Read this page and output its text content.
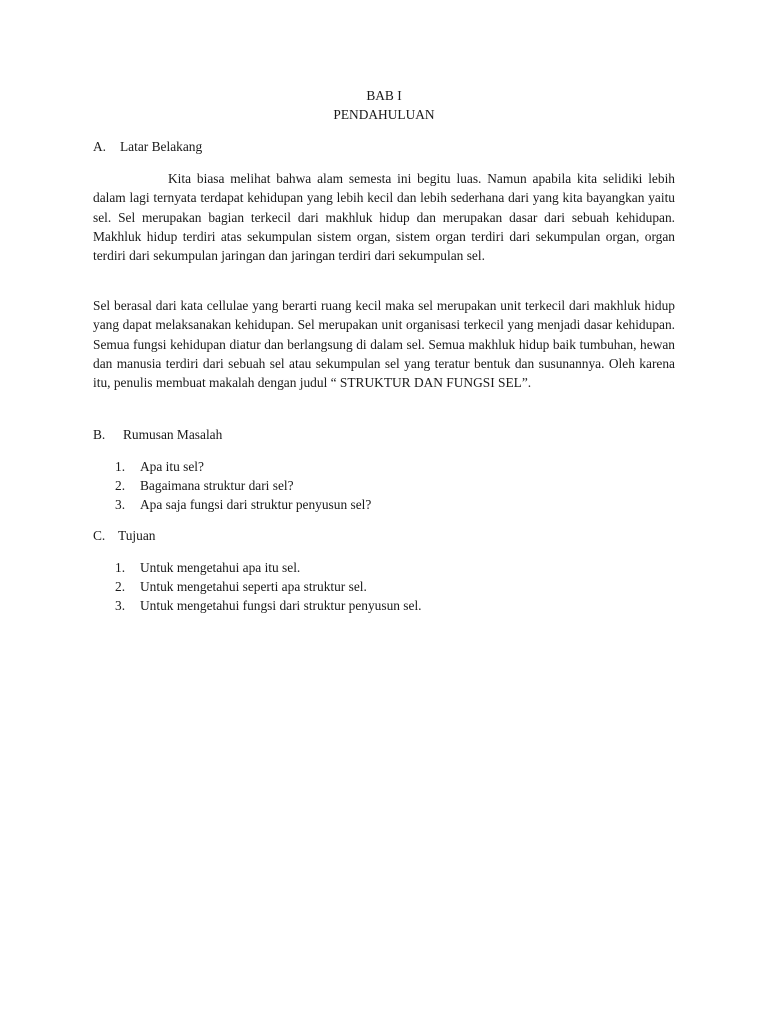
BAB I
PENDAHULUAN
A. Latar Belakang

Kita biasa melihat bahwa alam semesta ini begitu luas. Namun apabila kita selidiki lebih dalam lagi ternyata terdapat kehidupan yang lebih kecil dan lebih sederhana dari yang kita bayangkan yaitu sel. Sel merupakan bagian terkecil dari makhluk hidup dan merupakan dasar dari sebuah kehidupan. Makhluk hidup terdiri atas sekumpulan sistem organ, sistem organ terdiri dari sekumpulan organ, organ terdiri dari sekumpulan jaringan dan jaringan terdiri dari sekumpulan sel.

Sel berasal dari kata cellulae yang berarti ruang kecil maka sel merupakan unit terkecil dari makhluk hidup yang dapat melaksanakan kehidupan. Sel merupakan unit organisasi terkecil yang menjadi dasar kehidupan. Semua fungsi kehidupan diatur dan berlangsung di dalam sel. Semua makhluk hidup baik tumbuhan, hewan dan manusia terdiri dari sebuah sel atau sekumpulan sel yang teratur bentuk dan susunannya. Oleh karena itu, penulis membuat makalah dengan judul “ STRUKTUR DAN FUNGSI SEL”.

B. Rumusan Masalah
1. Apa itu sel?
2. Bagaimana struktur dari sel?
3. Apa saja fungsi dari struktur penyusun sel?
C. Tujuan
1. Untuk mengetahui apa itu sel.
2. Untuk mengetahui seperti apa struktur sel.
3. Untuk mengetahui fungsi dari struktur penyusun sel.
